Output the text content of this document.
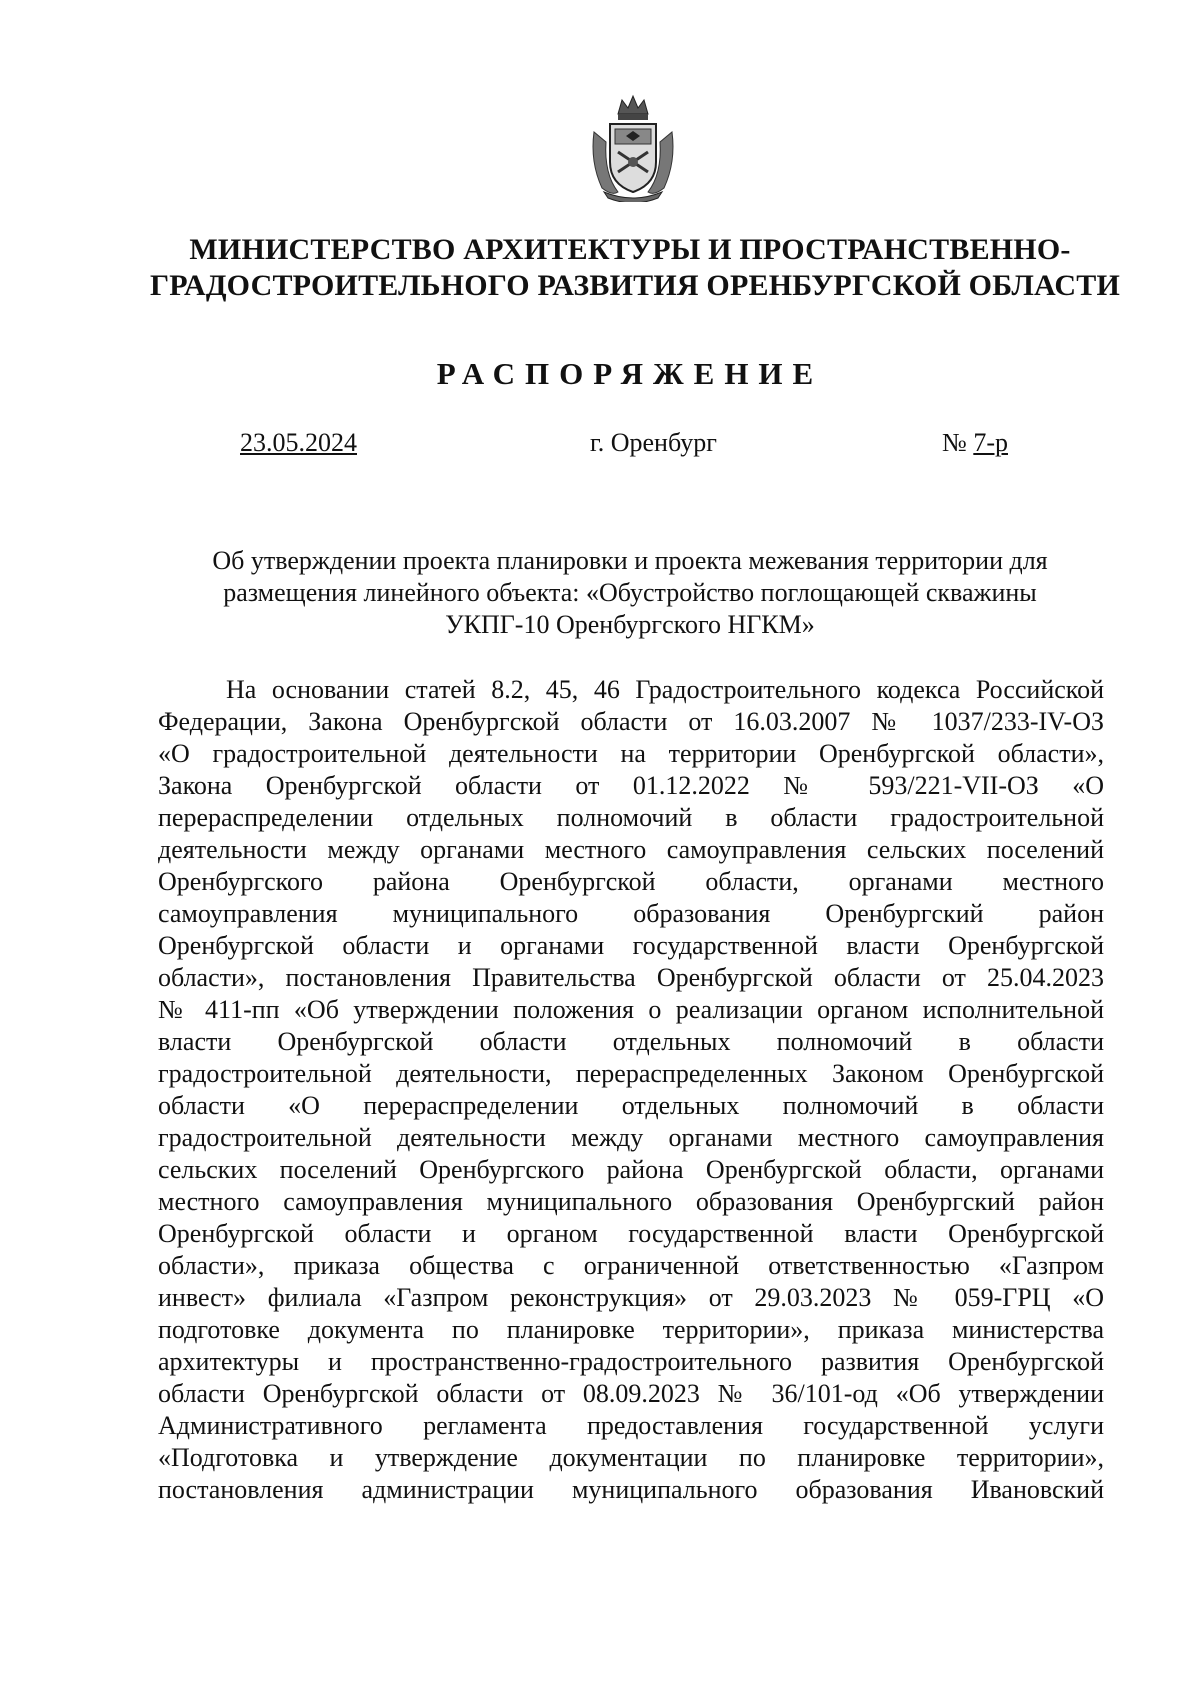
МИНИСТЕРСТВО АРХИТЕКТУРЫ И ПРОСТРАНСТВЕННО-
ГРАДОСТРОИТЕЛЬНОГО РАЗВИТИЯ ОРЕНБУРГСКОЙ ОБЛАСТИ
РАСПОРЯЖЕНИЕ
23.05.2024	г. Оренбург	№ 7-р
Об утверждении проекта планировки и проекта межевания территории для
размещения линейного объекта: «Обустройство поглощающей скважины
УКПГ-10 Оренбургского НГКМ»
На основании статей 8.2, 45, 46 Градостроительного кодекса Российской
Федерации, Закона Оренбургской области от 16.03.2007 № 1037/233-IV-ОЗ
«О градостроительной деятельности на территории Оренбургской области»,
Закона Оренбургской области от 01.12.2022 № 593/221-VII-ОЗ «О
перераспределении отдельных полномочий в области градостроительной
деятельности между органами местного самоуправления сельских поселений
Оренбургского района Оренбургской области, органами местного
самоуправления муниципального образования Оренбургский район
Оренбургской области и органами государственной власти Оренбургской
области», постановления Правительства Оренбургской области от 25.04.2023
№ 411-пп «Об утверждении положения о реализации органом исполнительной
власти Оренбургской области отдельных полномочий в области
градостроительной деятельности, перераспределенных Законом Оренбургской
области «О перераспределении отдельных полномочий в области
градостроительной деятельности между органами местного самоуправления
сельских поселений Оренбургского района Оренбургской области, органами
местного самоуправления муниципального образования Оренбургский район
Оренбургской области и органом государственной власти Оренбургской
области», приказа общества с ограниченной ответственностью «Газпром
инвест» филиала «Газпром реконструкция» от 29.03.2023 № 059-ГРЦ «О
подготовке документа по планировке территории», приказа министерства
архитектуры и пространственно-градостроительного развития Оренбургской
области Оренбургской области от 08.09.2023 № 36/101-од «Об утверждении
Административного регламента предоставления государственной услуги
«Подготовка и утверждение документации по планировке территории»,
постановления администрации муниципального образования Ивановский
